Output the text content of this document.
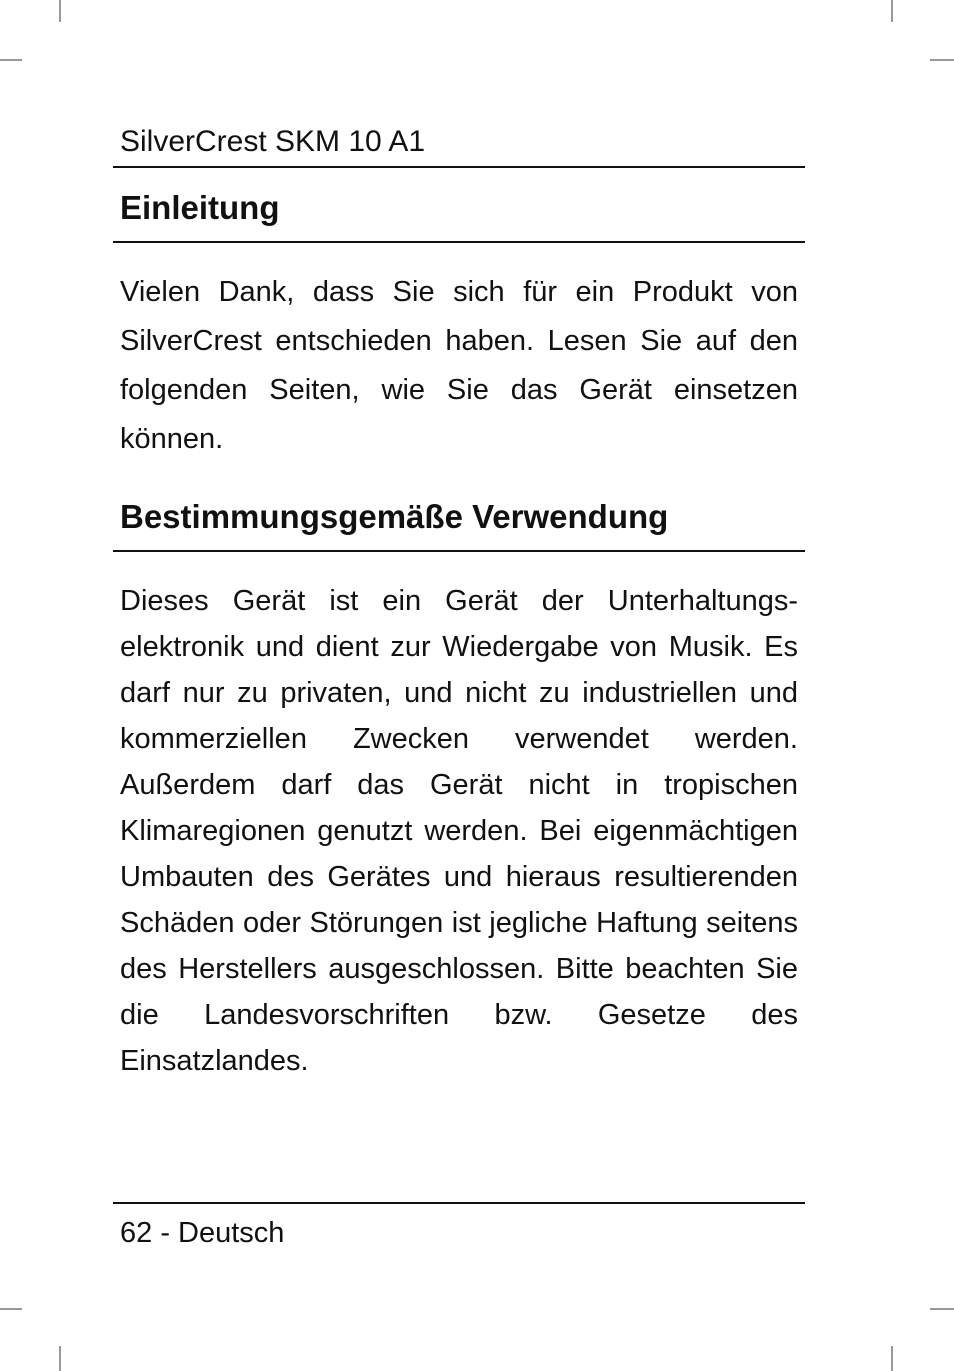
SilverCrest SKM 10 A1
Einleitung
Vielen Dank, dass Sie sich für ein Produkt von
SilverCrest entschieden haben. Lesen Sie auf den
folgenden Seiten, wie Sie das Gerät einsetzen
können.
Bestimmungsgemäße Verwendung
Dieses Gerät ist ein Gerät der Unterhaltungs-
elektronik und dient zur Wiedergabe von Musik. Es
darf nur zu privaten, und nicht zu industriellen und
kommerziellen Zwecken verwendet werden.
Außerdem darf das Gerät nicht in tropischen
Klimaregionen genutzt werden. Bei eigenmächtigen
Umbauten des Gerätes und hieraus resultierenden
Schäden oder Störungen ist jegliche Haftung seitens
des Herstellers ausgeschlossen. Bitte beachten Sie
die Landesvorschriften bzw. Gesetze des
Einsatzlandes.
62 - Deutsch
